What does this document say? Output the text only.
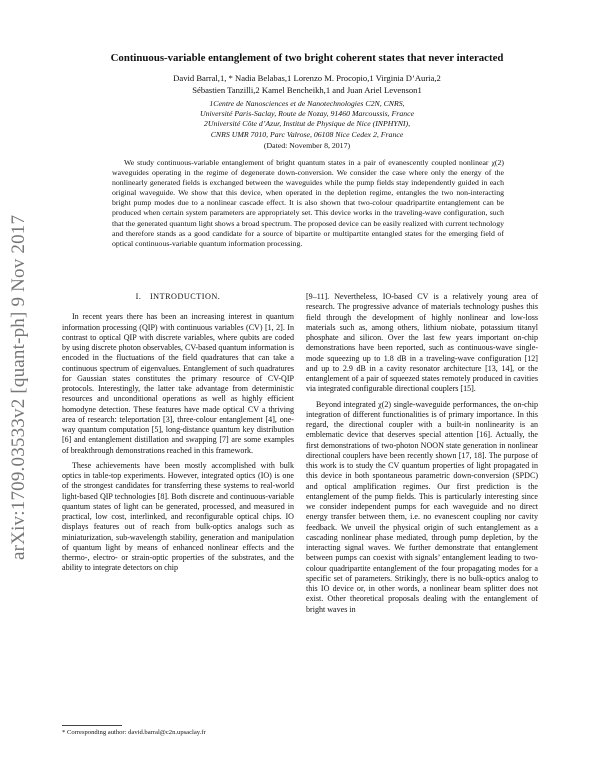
arXiv:1709.03533v2 [quant-ph] 9 Nov 2017
Continuous-variable entanglement of two bright coherent states that never interacted
David Barral,1, * Nadia Belabas,1 Lorenzo M. Procopio,1 Virginia D’Auria,2
Sébastien Tanzilli,2 Kamel Bencheikh,1 and Juan Ariel Levenson1
1Centre de Nanosciences et de Nanotechnologies C2N, CNRS,
Université Paris-Saclay, Route de Nozay, 91460 Marcoussis, France
2Université Côte d’Azur, Institut de Physique de Nice (INPHYNI),
CNRS UMR 7010, Parc Valrose, 06108 Nice Cedex 2, France
(Dated: November 8, 2017)
We study continuous-variable entanglement of bright quantum states in a pair of evanescently coupled nonlinear χ(2) waveguides operating in the regime of degenerate down-conversion. We consider the case where only the energy of the nonlinearly generated fields is exchanged between the waveguides while the pump fields stay independently guided in each original waveguide. We show that this device, when operated in the depletion regime, entangles the two non-interacting bright pump modes due to a nonlinear cascade effect. It is also shown that two-colour quadripartite entanglement can be produced when certain system parameters are appropriately set. This device works in the traveling-wave configuration, such that the generated quantum light shows a broad spectrum. The proposed device can be easily realized with current technology and therefore stands as a good candidate for a source of bipartite or multipartite entangled states for the emerging field of optical continuous-variable quantum information processing.
I. INTRODUCTION.

In recent years there has been an increasing interest in quantum information processing (QIP) with continuous variables (CV) [1, 2]. In contrast to optical QIP with discrete variables, where qubits are coded by using discrete photon observables, CV-based quantum information is encoded in the fluctuations of the field quadratures that can take a continuous spectrum of eigenvalues. Entanglement of such quadratures for Gaussian states constitutes the primary resource of CV-QIP protocols. Interestingly, the latter take advantage from deterministic resources and unconditional operations as well as highly efficient homodyne detection. These features have made optical CV a thriving area of research: teleportation [3], three-colour entanglement [4], one-way quantum computation [5], long-distance quantum key distribution [6] and entanglement distillation and swapping [7] are some examples of breakthrough demonstrations reached in this framework.

These achievements have been mostly accomplished with bulk optics in table-top experiments. However, integrated optics (IO) is one of the strongest candidates for transferring these systems to real-world light-based QIP technologies [8]. Both discrete and continuous-variable quantum states of light can be generated, processed, and measured in practical, low cost, interlinked, and reconfigurable optical chips. IO displays features out of reach from bulk-optics analogs such as miniaturization, sub-wavelength stability, generation and manipulation of quantum light by means of enhanced nonlinear effects and the thermo-, electro- or strain-optic properties of the substrates, and the ability to integrate detectors on chip

[9–11]. Nevertheless, IO-based CV is a relatively young area of research. The progressive advance of materials technology pushes this field through the development of highly nonlinear and low-loss materials such as, among others, lithium niobate, potassium titanyl phosphate and silicon. Over the last few years important on-chip demonstrations have been reported, such as continuous-wave single-mode squeezing up to 1.8 dB in a traveling-wave configuration [12] and up to 2.9 dB in a cavity resonator architecture [13, 14], or the entanglement of a pair of squeezed states remotely produced in cavities via integrated configurable directional couplers [15].

Beyond integrated χ(2) single-waveguide performances, the on-chip integration of different functionalities is of primary importance. In this regard, the directional coupler with a built-in nonlinearity is an emblematic device that deserves special attention [16]. Actually, the first demonstrations of two-photon NOON state generation in nonlinear directional couplers have been recently shown [17, 18]. The purpose of this work is to study the CV quantum properties of light propagated in this device in both spontaneous parametric down-conversion (SPDC) and optical amplification regimes. Our first prediction is the entanglement of the pump fields. This is particularly interesting since we consider independent pumps for each waveguide and no direct energy transfer between them, i.e. no evanescent coupling nor cavity feedback. We unveil the physical origin of such entanglement as a cascading nonlinear phase mediated, through pump depletion, by the interacting signal waves. We further demonstrate that entanglement between pumps can coexist with signals’ entanglement leading to two-colour quadripartite entanglement of the four propagating modes for a specific set of parameters. Strikingly, there is no bulk-optics analog to this IO device or, in other words, a nonlinear beam splitter does not exist. Other theoretical proposals dealing with the entanglement of bright waves in

* Corresponding author: david.barral@c2n.upsaclay.fr
